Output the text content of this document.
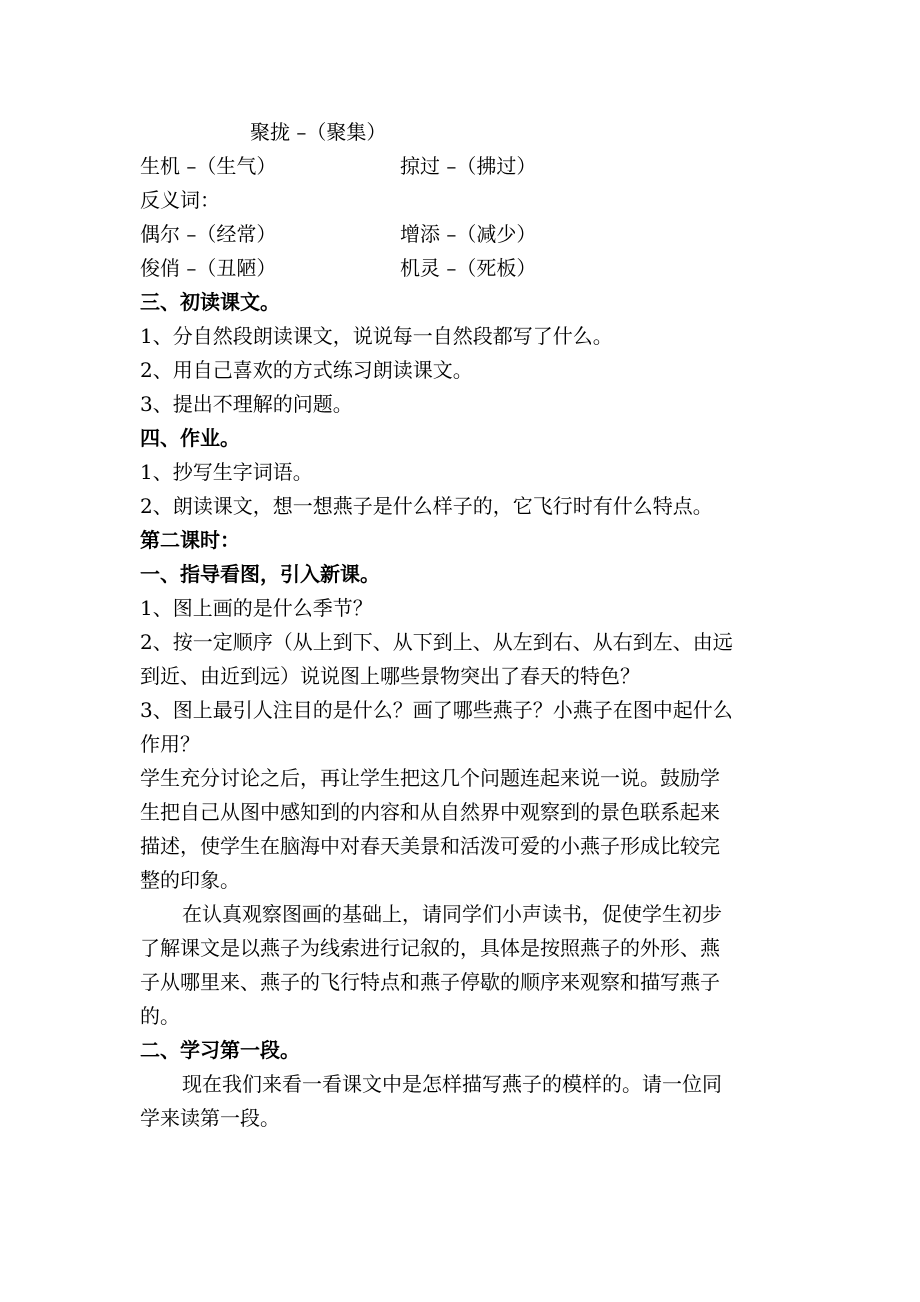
聚拢 –（聚集）
生机 –（生气）	掠过 –（拂过）
反义词：
偶尔 –（经常）	增添 –（减少）
俊俏 –（丑陋）	机灵 –（死板）
三、初读课文。
1、分自然段朗读课文，说说每一自然段都写了什么。
2、用自己喜欢的方式练习朗读课文。
3、提出不理解的问题。
四、作业。
1、抄写生字词语。
2、朗读课文，想一想燕子是什么样子的，它飞行时有什么特点。
第二课时：
一、指导看图，引入新课。
1、图上画的是什么季节？
2、按一定顺序（从上到下、从下到上、从左到右、从右到左、由远
到近、由近到远）说说图上哪些景物突出了春天的特色？
3、图上最引人注目的是什么？画了哪些燕子？小燕子在图中起什么
作用？
学生充分讨论之后，再让学生把这几个问题连起来说一说。鼓励学
生把自己从图中感知到的内容和从自然界中观察到的景色联系起来
描述，使学生在脑海中对春天美景和活泼可爱的小燕子形成比较完
整的印象。
在认真观察图画的基础上，请同学们小声读书，促使学生初步
了解课文是以燕子为线索进行记叙的，具体是按照燕子的外形、燕
子从哪里来、燕子的飞行特点和燕子停歇的顺序来观察和描写燕子
的。
二、学习第一段。
现在我们来看一看课文中是怎样描写燕子的模样的。请一位同
学来读第一段。
